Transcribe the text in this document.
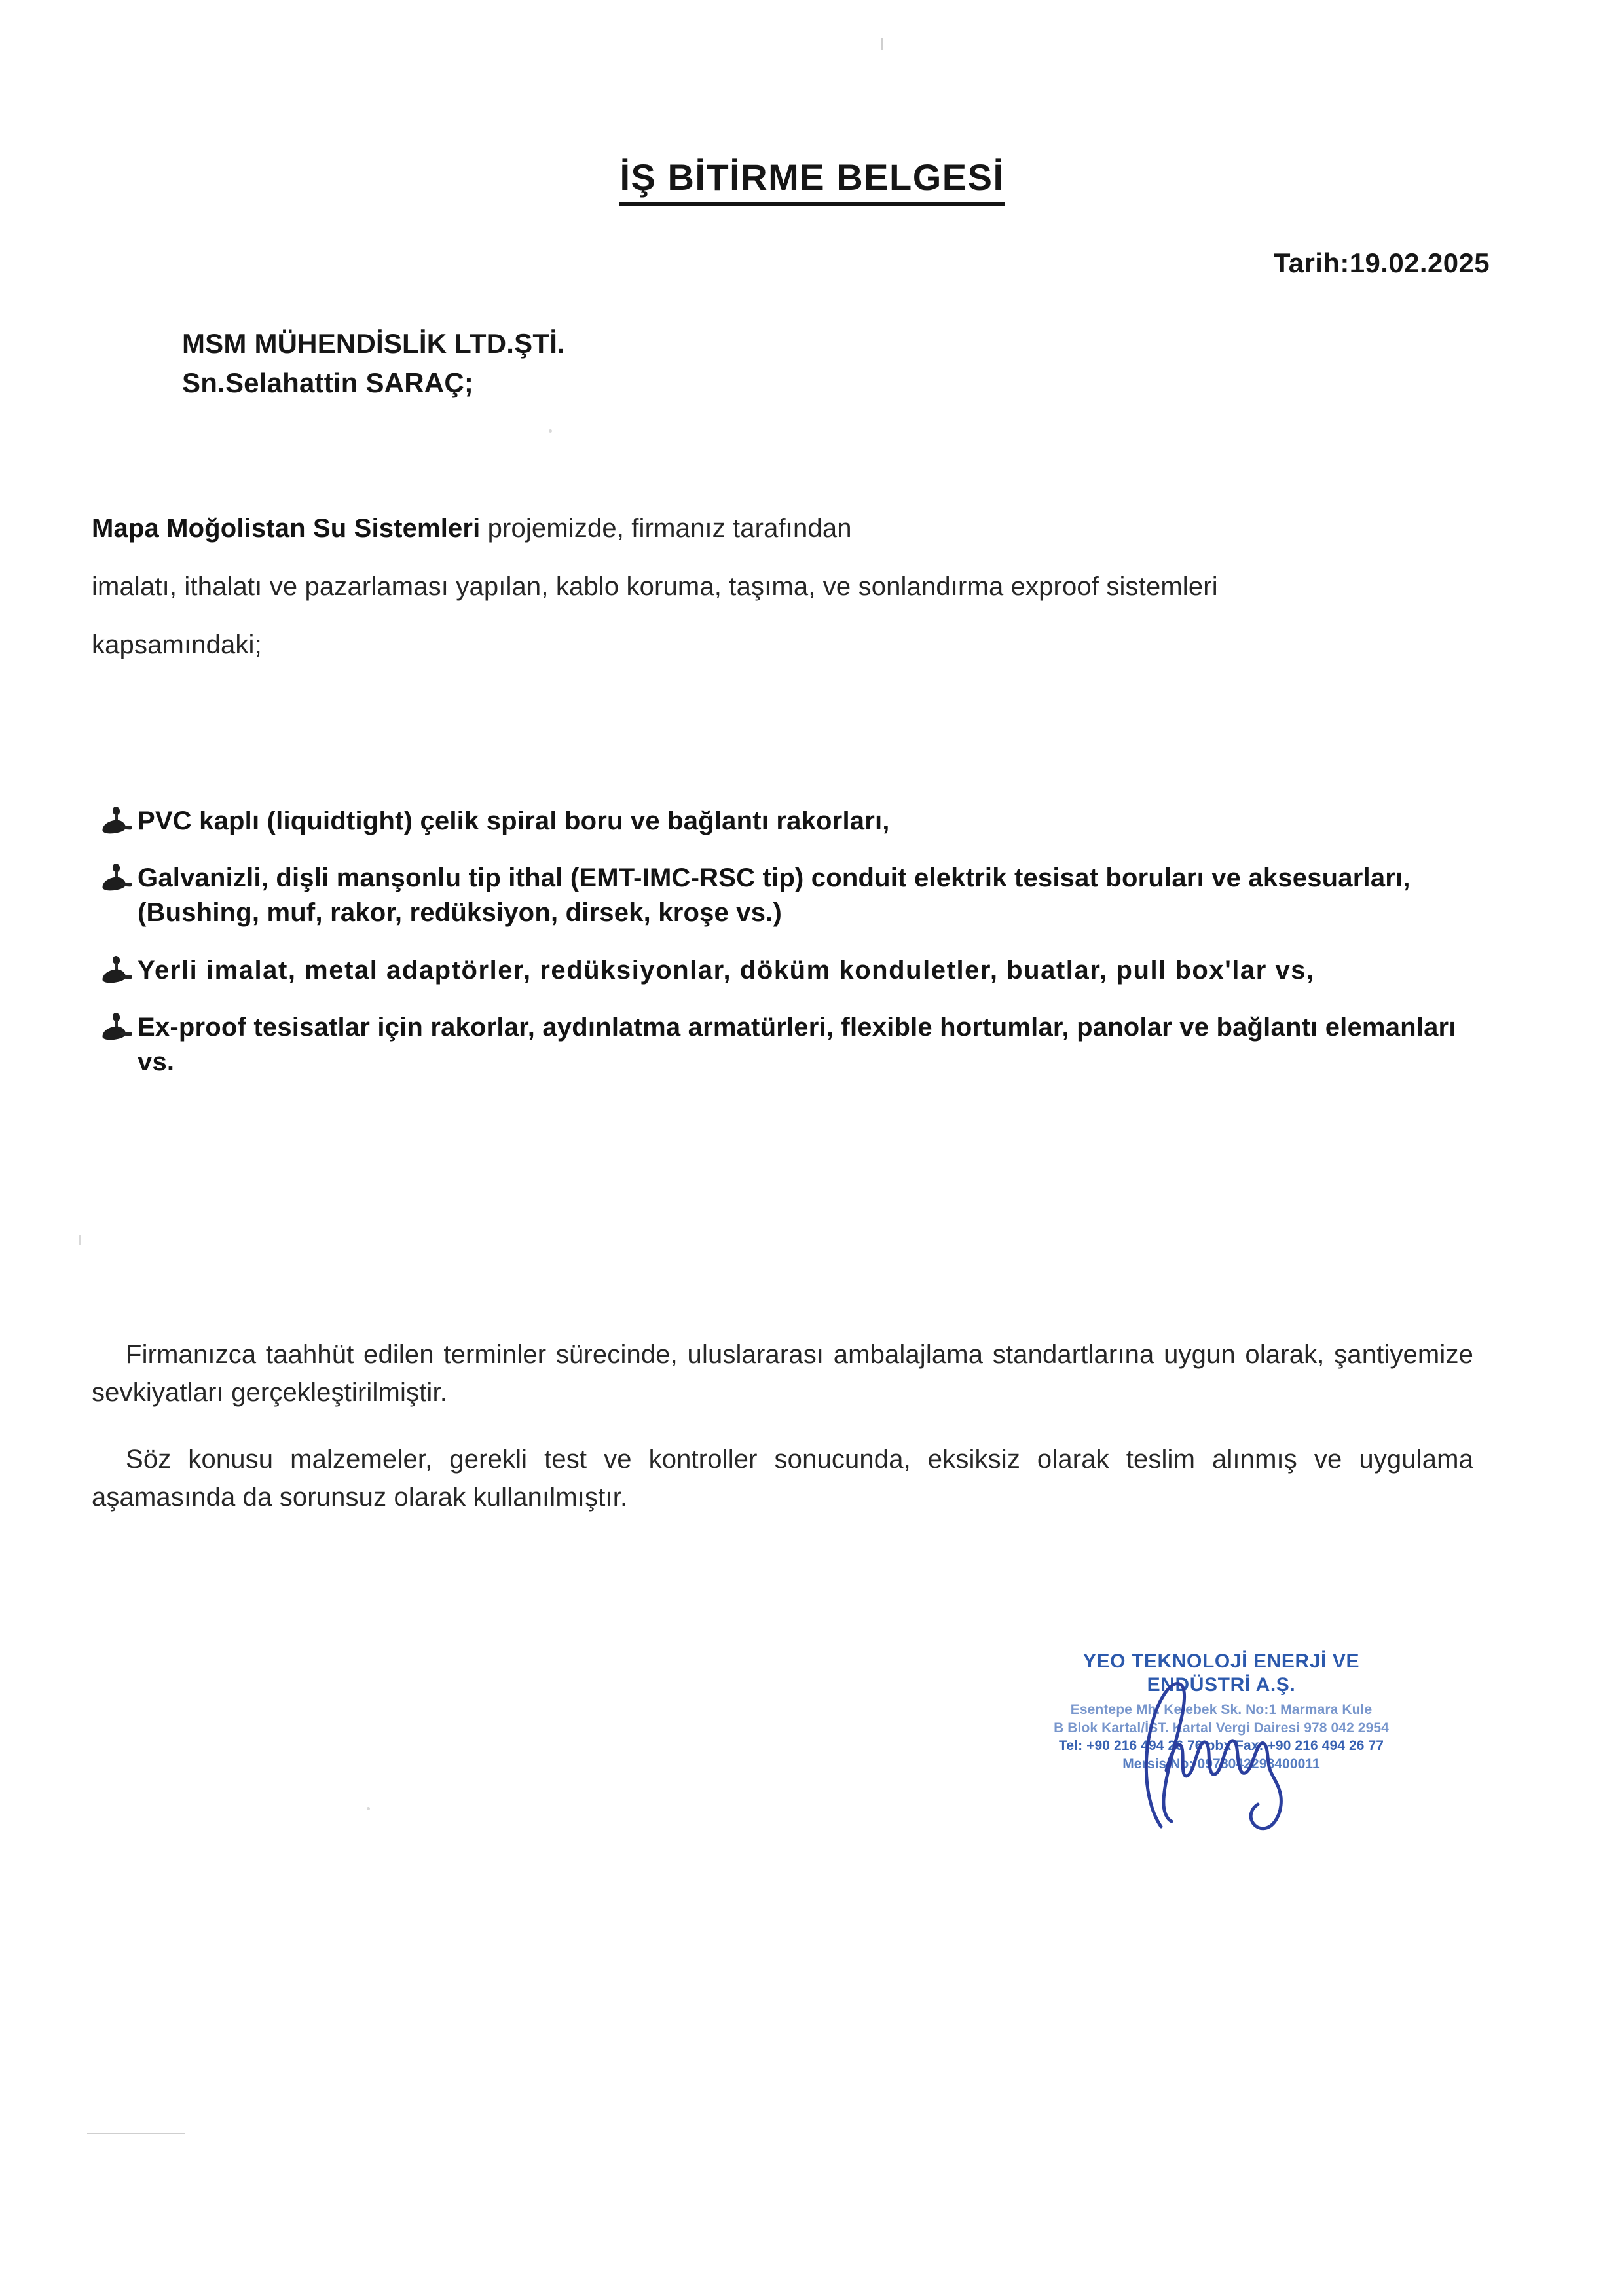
İŞ BİTİRME BELGESİ
Tarih:19.02.2025
MSM MÜHENDİSLİK LTD.ŞTİ.
Sn.Selahattin SARAÇ;
Mapa Moğolistan Su Sistemleri projemizde, firmanız tarafından
imalatı, ithalatı ve pazarlaması yapılan, kablo koruma, taşıma, ve sonlandırma exproof sistemleri
kapsamındaki;
PVC kaplı (liquidtight) çelik spiral boru ve bağlantı rakorları,
Galvanizli, dişli manşonlu tip ithal (EMT-IMC-RSC tip) conduit elektrik tesisat boruları ve aksesuarları, (Bushing, muf, rakor, redüksiyon, dirsek, kroşe vs.)
Yerli imalat, metal adaptörler, redüksiyonlar, döküm konduletler, buatlar, pull box'lar vs,
Ex-proof tesisatlar için rakorlar, aydınlatma armatürleri, flexible hortumlar, panolar ve bağlantı elemanları vs.
Firmanızca taahhüt edilen terminler sürecinde, uluslararası ambalajlama standartlarına uygun olarak, şantiyemize sevkiyatları gerçekleştirilmiştir.
Söz konusu malzemeler, gerekli test ve kontroller sonucunda, eksiksiz olarak teslim alınmış ve uygulama aşamasında da sorunsuz olarak kullanılmıştır.
YEO TEKNOLOJİ ENERJİ VE
ENDÜSTRİ A.Ş.
Esentepe Mh. Kelebek Sk. No:1 Marmara Kule
B Blok Kartal/İST. Kartal Vergi Dairesi 978 042 2954
Tel: +90 216 494 26 76 pbx Fax: +90 216 494 26 77
Mersis No: 0978042298400011
